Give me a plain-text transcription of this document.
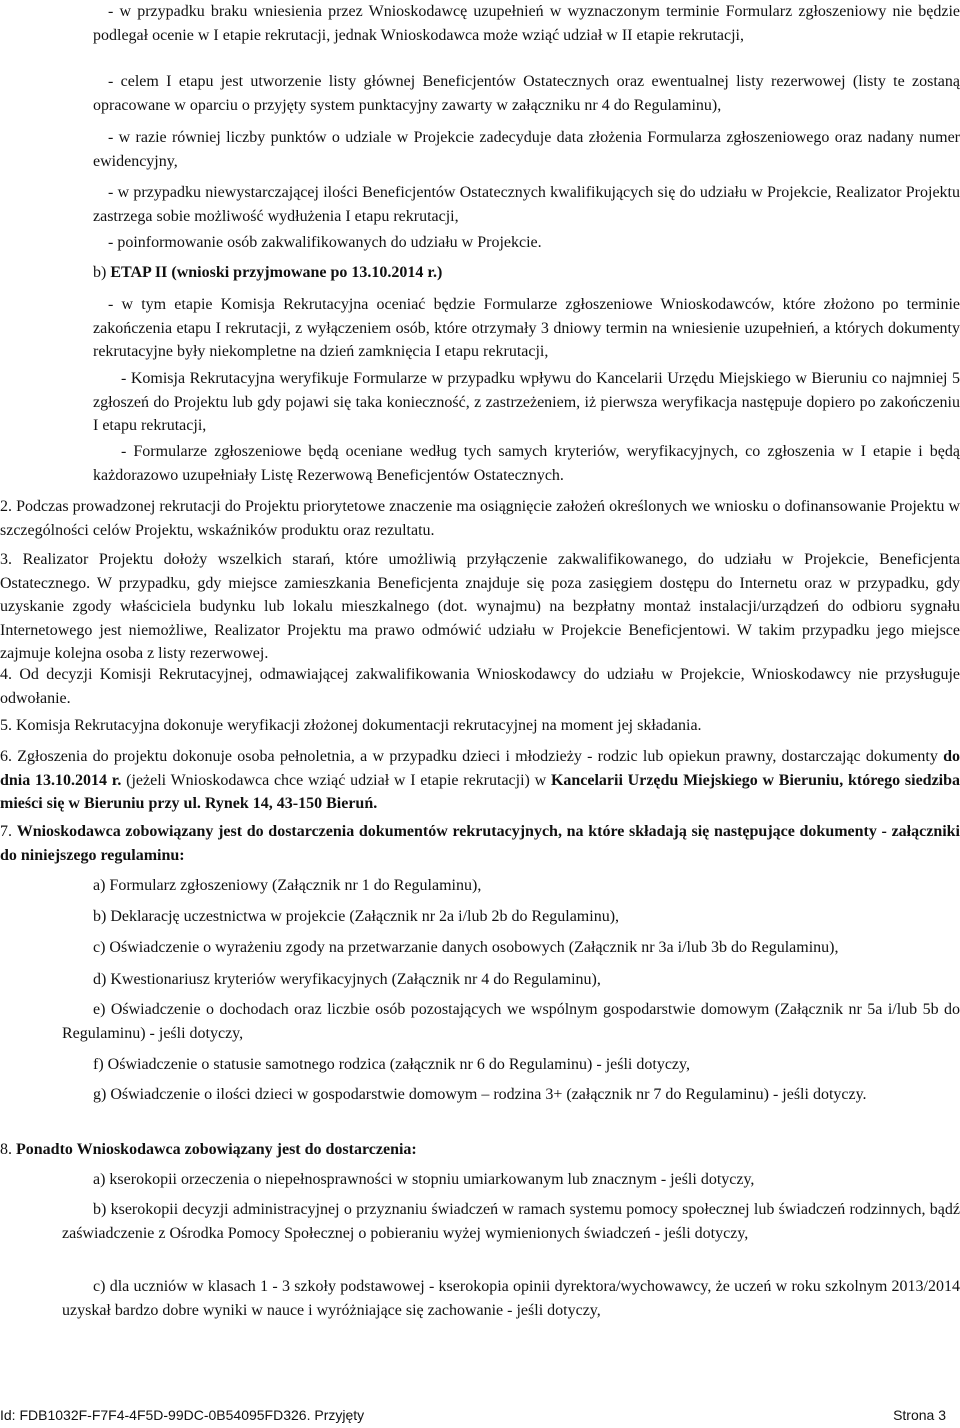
- w przypadku braku wniesienia przez Wnioskodawcę uzupełnień w wyznaczonym terminie Formularz zgłoszeniowy nie będzie podlegał ocenie w I etapie rekrutacji, jednak Wnioskodawca może wziąć udział w II etapie rekrutacji,

- celem I etapu jest utworzenie listy głównej Beneficjentów Ostatecznych oraz ewentualnej listy rezerwowej (listy te zostaną opracowane w oparciu o przyjęty system punktacyjny zawarty w załączniku nr 4 do Regulaminu),

- w razie równiej liczby punktów o udziale w Projekcie zadecyduje data złożenia Formularza zgłoszeniowego oraz nadany numer ewidencyjny,

- w przypadku niewystarczającej ilości Beneficjentów Ostatecznych kwalifikujących się do udziału w Projekcie, Realizator Projektu zastrzega sobie możliwość wydłużenia I etapu rekrutacji,

- poinformowanie osób zakwalifikowanych do udziału w Projekcie.

b) ETAP II (wnioski przyjmowane po 13.10.2014 r.)

- w tym etapie Komisja Rekrutacyjna oceniać będzie Formularze zgłoszeniowe Wnioskodawców, które złożono po terminie zakończenia etapu I rekrutacji, z wyłączeniem osób, które otrzymały 3 dniowy termin na wniesienie uzupełnień, a których dokumenty rekrutacyjne były niekompletne na dzień zamknięcia I etapu rekrutacji,

- Komisja Rekrutacyjna weryfikuje Formularze w przypadku wpływu do Kancelarii Urzędu Miejskiego w Bieruniu co najmniej 5 zgłoszeń do Projektu lub gdy pojawi się taka konieczność, z zastrzeżeniem, iż pierwsza weryfikacja następuje dopiero po zakończeniu I etapu rekrutacji,

- Formularze zgłoszeniowe będą oceniane według tych samych kryteriów, weryfikacyjnych, co zgłoszenia w I etapie i będą każdorazowo uzupełniały Listę Rezerwową Beneficjentów Ostatecznych.

2. Podczas prowadzonej rekrutacji do Projektu priorytetowe znaczenie ma osiągnięcie założeń określonych we wniosku o dofinansowanie Projektu w szczególności celów Projektu, wskaźników produktu oraz rezultatu.

3. Realizator Projektu dołoży wszelkich starań, które umożliwią przyłączenie zakwalifikowanego, do udziału w Projekcie, Beneficjenta Ostatecznego. W przypadku, gdy miejsce zamieszkania Beneficjenta znajduje się poza zasięgiem dostępu do Internetu oraz w przypadku, gdy uzyskanie zgody właściciela budynku lub lokalu mieszkalnego (dot. wynajmu) na bezpłatny montaż instalacji/urządzeń do odbioru sygnału Internetowego jest niemożliwe, Realizator Projektu ma prawo odmówić udziału w Projekcie Beneficjentowi. W takim przypadku jego miejsce zajmuje kolejna osoba z listy rezerwowej.

4. Od decyzji Komisji Rekrutacyjnej, odmawiającej zakwalifikowania Wnioskodawcy do udziału w Projekcie, Wnioskodawcy nie przysługuje odwołanie.

5. Komisja Rekrutacyjna dokonuje weryfikacji złożonej dokumentacji rekrutacyjnej na moment jej składania.

6. Zgłoszenia do projektu dokonuje osoba pełnoletnia, a w przypadku dzieci i młodzieży - rodzic lub opiekun prawny, dostarczając dokumenty do dnia 13.10.2014 r. (jeżeli Wnioskodawca chce wziąć udział w I etapie rekrutacji) w Kancelarii Urzędu Miejskiego w Bieruniu, którego siedziba mieści się w Bieruniu przy ul. Rynek 14, 43-150 Bieruń.

7. Wnioskodawca zobowiązany jest do dostarczenia dokumentów rekrutacyjnych, na które składają się następujące dokumenty - załączniki do niniejszego regulaminu:

a) Formularz zgłoszeniowy (Załącznik nr 1 do Regulaminu),

b) Deklarację uczestnictwa w projekcie (Załącznik nr 2a i/lub 2b do Regulaminu),

c) Oświadczenie o wyrażeniu zgody na przetwarzanie danych osobowych (Załącznik nr 3a i/lub 3b do Regulaminu),

d) Kwestionariusz kryteriów weryfikacyjnych (Załącznik nr 4 do Regulaminu),

e) Oświadczenie o dochodach oraz liczbie osób pozostających we wspólnym gospodarstwie domowym (Załącznik nr 5a i/lub 5b do Regulaminu) - jeśli dotyczy,

f) Oświadczenie o statusie samotnego rodzica (załącznik nr 6 do Regulaminu) - jeśli dotyczy,

g) Oświadczenie o ilości dzieci w gospodarstwie domowym – rodzina 3+ (załącznik nr 7 do Regulaminu) - jeśli dotyczy.

8. Ponadto Wnioskodawca zobowiązany jest do dostarczenia:

a) kserokopii orzeczenia o niepełnosprawności w stopniu umiarkowanym lub znacznym - jeśli dotyczy,

b) kserokopii decyzji administracyjnej o przyznaniu świadczeń w ramach systemu pomocy społecznej lub świadczeń rodzinnych, bądź zaświadczenie z Ośrodka Pomocy Społecznej o pobieraniu wyżej wymienionych świadczeń - jeśli dotyczy,

c) dla uczniów w klasach 1 - 3 szkoły podstawowej - kserokopia opinii dyrektora/wychowawcy, że uczeń w roku szkolnym 2013/2014 uzyskał bardzo dobre wyniki w nauce i wyróżniające się zachowanie - jeśli dotyczy,

Id: FDB1032F-F7F4-4F5D-99DC-0B54095FD326. Przyjęty	Strona 3
